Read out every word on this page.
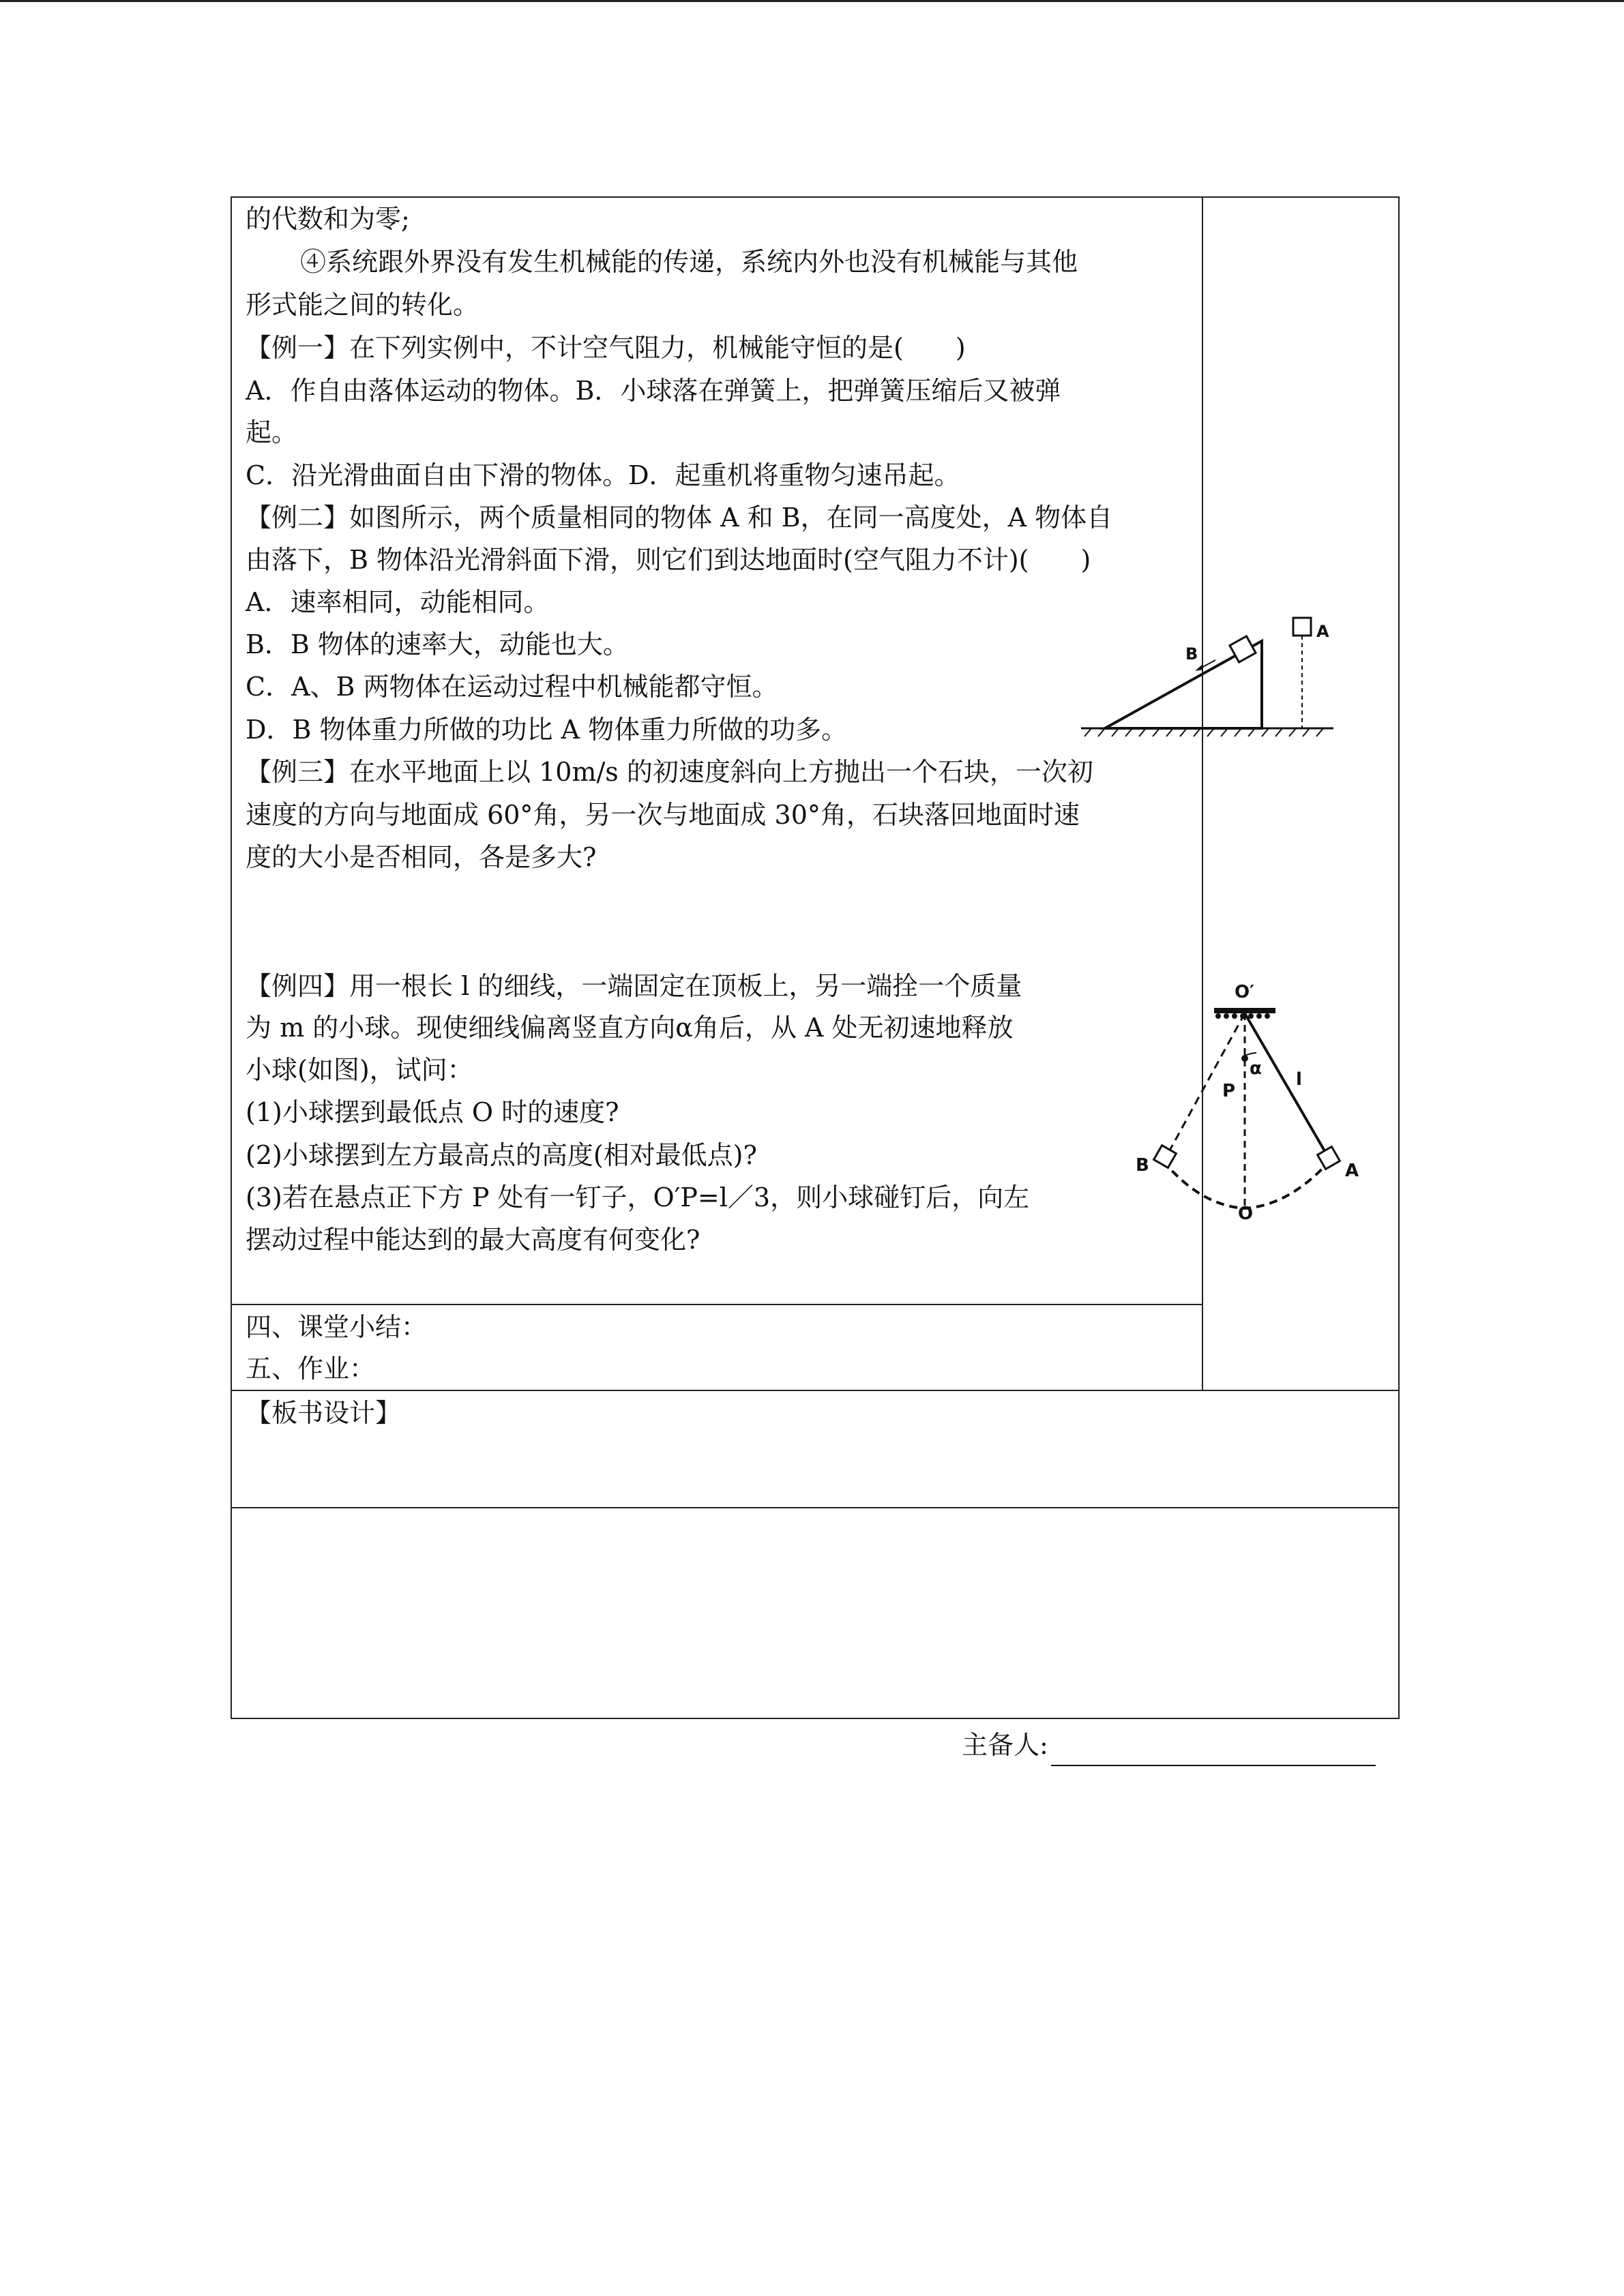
的代数和为零;
④系统跟外界没有发生机械能的传递，系统内外也没有机械能与其他
形式能之间的转化。
【例一】在下列实例中，不计空气阻力，机械能守恒的是(　　)
A．作自由落体运动的物体。B．小球落在弹簧上，把弹簧压缩后又被弹
起。
C．沿光滑曲面自由下滑的物体。D．起重机将重物匀速吊起。
【例二】如图所示，两个质量相同的物体 A 和 B，在同一高度处，A 物体自
由落下，B 物体沿光滑斜面下滑，则它们到达地面时(空气阻力不计)(　　)
A．速率相同，动能相同。
B．B 物体的速率大，动能也大。
C．A、B 两物体在运动过程中机械能都守恒。
D．B 物体重力所做的功比 A 物体重力所做的功多。
【例三】在水平地面上以 10m/s 的初速度斜向上方抛出一个石块，一次初
速度的方向与地面成 60°角，另一次与地面成 30°角，石块落回地面时速
度的大小是否相同，各是多大?
【例四】用一根长 l 的细线，一端固定在顶板上，另一端拴一个质量
为 m 的小球。现使细线偏离竖直方向α角后，从 A 处无初速地释放
小球(如图)，试问：
(1)小球摆到最低点 O 时的速度?
(2)小球摆到左方最高点的高度(相对最低点)?
(3)若在悬点正下方 P 处有一钉子，O′P=l／3，则小球碰钉后，向左
摆动过程中能达到的最大高度有何变化?
四、课堂小结：
五、作业：
【板书设计】
B
A
O′
α
l
P
B	A
O
主备人:
